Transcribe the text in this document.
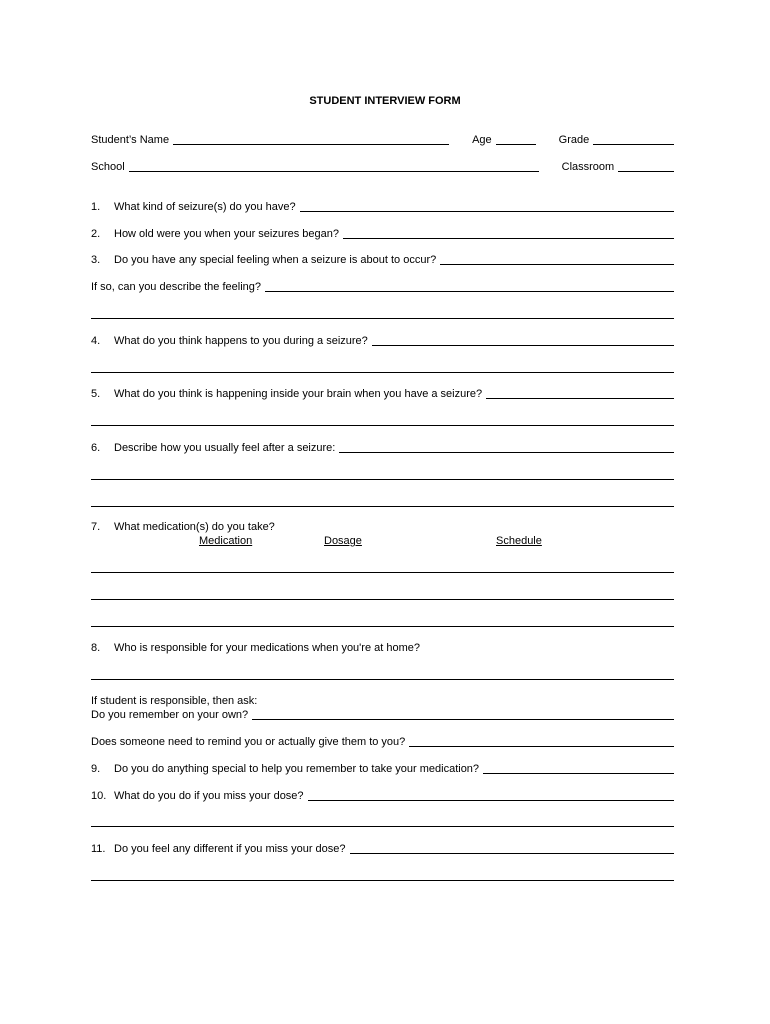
STUDENT INTERVIEW FORM
Student’s Name	Age	Grade
School	Classroom
1. What kind of seizure(s) do you have?
2. How old were you when your seizures began?
3. Do you have any special feeling when a seizure is about to occur?
If so, can you describe the feeling?
4. What do you think happens to you during a seizure?
5. What do you think is happening inside your brain when you have a seizure?
6. Describe how you usually feel after a seizure:
7. What medication(s) do you take?
Medication	Dosage	Schedule
8. Who is responsible for your medications when you're at home?
If student is responsible, then ask:
Do you remember on your own?
Does someone need to remind you or actually give them to you?
9. Do you do anything special to help you remember to take your medication?
10. What do you do if you miss your dose?
11. Do you feel any different if you miss your dose?
